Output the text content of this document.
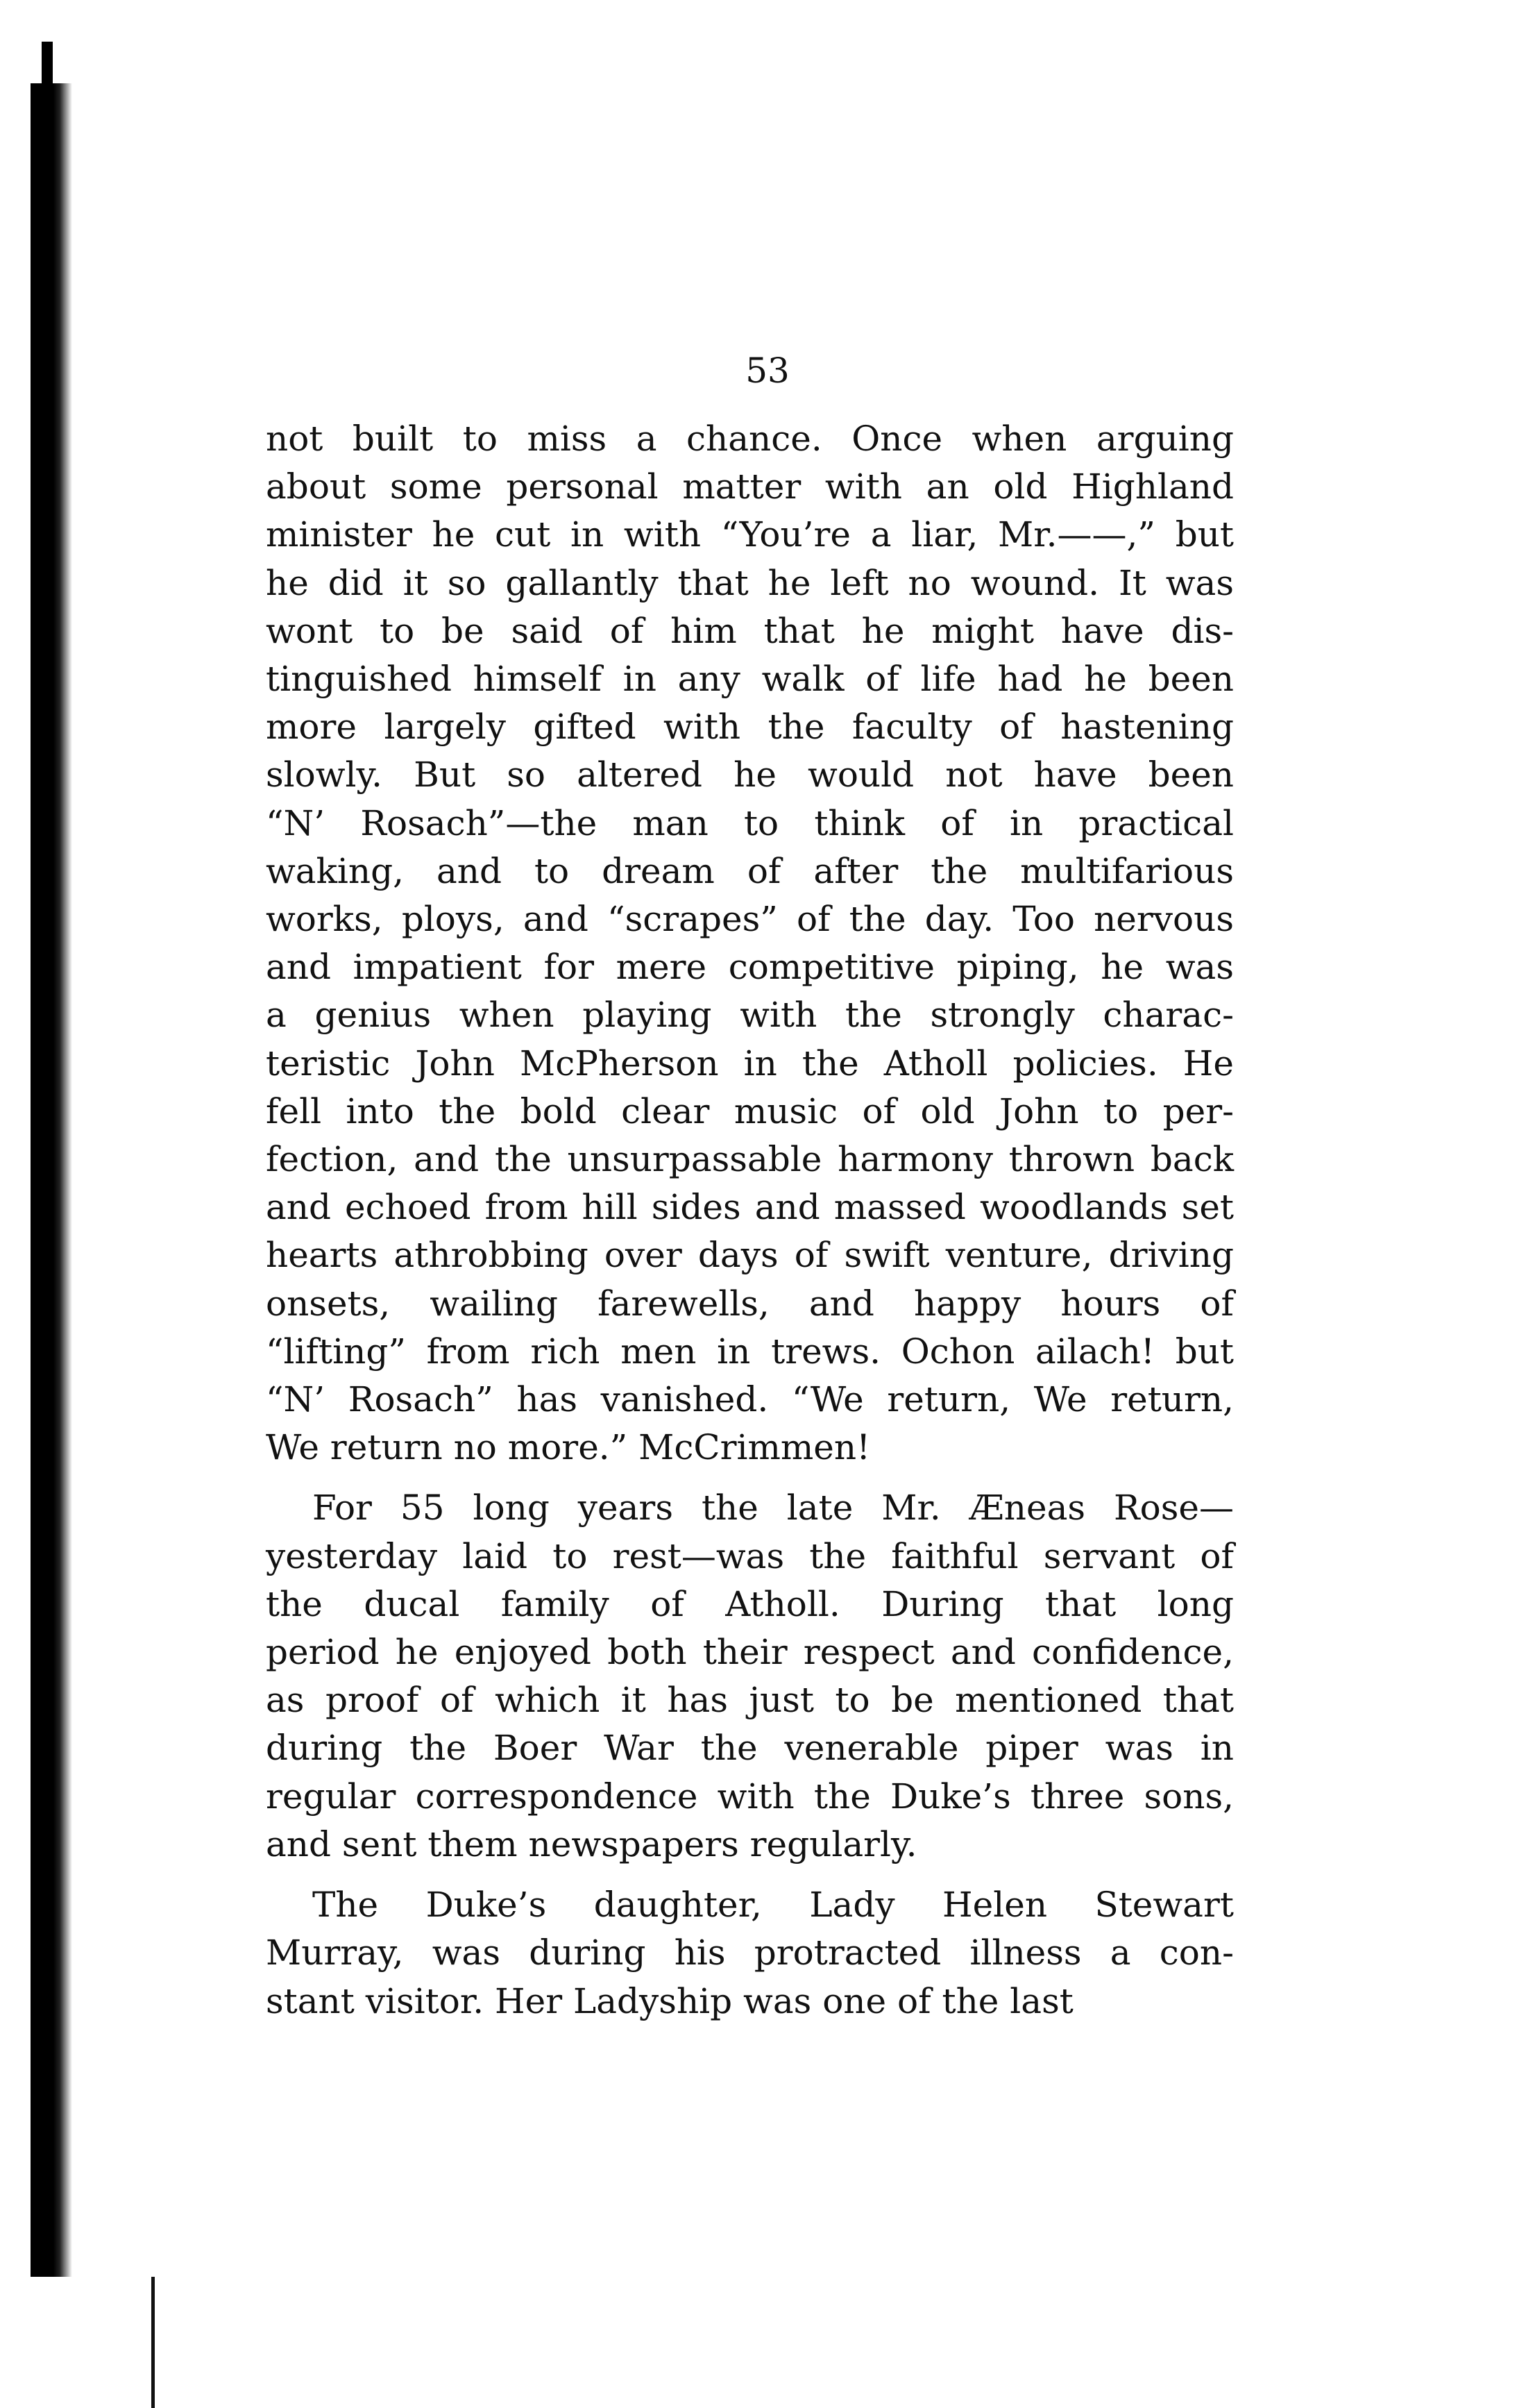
53
not built to miss a chance. Once when arguing
about some personal matter with an old Highland
minister he cut in with “You’re a liar, Mr.——,” but
he did it so gallantly that he left no wound. It was
wont to be said of him that he might have dis-
tinguished himself in any walk of life had he been
more largely gifted with the faculty of hastening
slowly. But so altered he would not have been
“N’ Rosach”—the man to think of in practical
waking, and to dream of after the multifarious
works, ploys, and “scrapes” of the day. Too nervous
and impatient for mere competitive piping, he was
a genius when playing with the strongly charac-
teristic John McPherson in the Atholl policies. He
fell into the bold clear music of old John to per-
fection, and the unsurpassable harmony thrown back
and echoed from hill sides and massed woodlands set
hearts athrobbing over days of swift venture, driving
onsets, wailing farewells, and happy hours of
“lifting” from rich men in trews. Ochon ailach! but
“N’ Rosach” has vanished. “We return, We return,
We return no more.” McCrimmen!
For 55 long years the late Mr. Æneas Rose—
yesterday laid to rest—was the faithful servant of
the ducal family of Atholl. During that long
period he enjoyed both their respect and confidence,
as proof of which it has just to be mentioned that
during the Boer War the venerable piper was in
regular correspondence with the Duke’s three sons,
and sent them newspapers regularly.
The Duke’s daughter, Lady Helen Stewart
Murray, was during his protracted illness a con-
stant visitor. Her Ladyship was one of the last
